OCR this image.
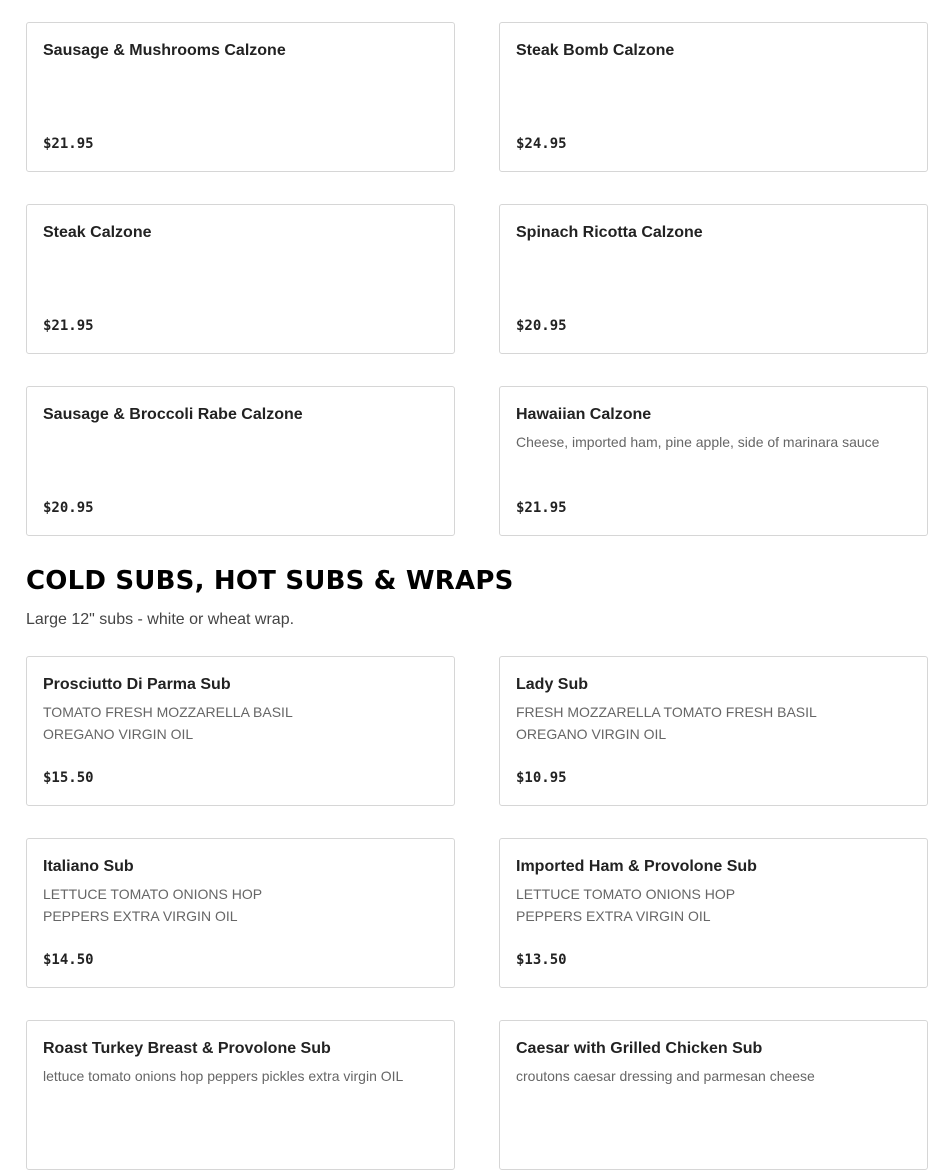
Sausage & Mushrooms Calzone

$21.95

Steak Bomb Calzone

$24.95

Steak Calzone

$21.95

Spinach Ricotta Calzone

$20.95

Sausage & Broccoli Rabe Calzone

$20.95

Hawaiian Calzone

Cheese, imported ham, pine apple, side of marinara sauce
$21.95
COLD SUBS, HOT SUBS & WRAPS

Large 12" subs - white or wheat wrap.

Prosciutto Di Parma Sub

TOMATO FRESH MOZZARELLA BASIL OREGANO VIRGIN OIL
$15.50

Lady Sub

FRESH MOZZARELLA TOMATO FRESH BASIL OREGANO VIRGIN OIL
$10.95

Italiano Sub

LETTUCE TOMATO ONIONS HOP PEPPERS EXTRA VIRGIN OIL
$14.50

Imported Ham & Provolone Sub

LETTUCE TOMATO ONIONS HOP PEPPERS EXTRA VIRGIN OIL
$13.50

Roast Turkey Breast & Provolone Sub

lettuce tomato onions hop peppers pickles extra virgin OIL

Caesar with Grilled Chicken Sub

croutons caesar dressing and parmesan cheese
